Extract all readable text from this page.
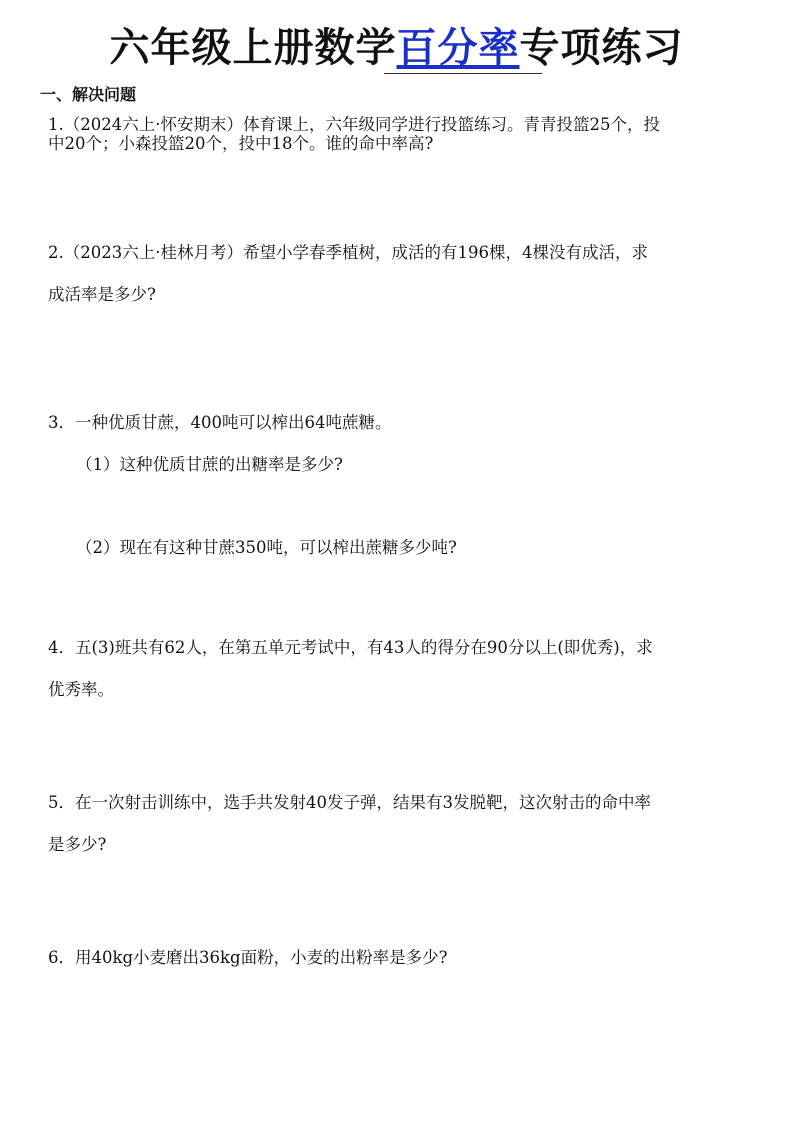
六年级上册数学百分率专项练习
一、解决问题
1.（2024六上·怀安期末）体育课上，六年级同学进行投篮练习。青青投篮25个，投
中20个；小森投篮20个，投中18个。谁的命中率高?
2.（2023六上·桂林月考）希望小学春季植树，成活的有196棵，4棵没有成活，求
成活率是多少?
3．一种优质甘蔗，400吨可以榨出64吨蔗糖。
（1）这种优质甘蔗的出糖率是多少?
（2）现在有这种甘蔗350吨，可以榨出蔗糖多少吨?
4．五(3)班共有62人，在第五单元考试中，有43人的得分在90分以上(即优秀)，求
优秀率。
5．在一次射击训练中，选手共发射40发子弹，结果有3发脱靶，这次射击的命中率
是多少?
6．用40kg小麦磨出36kg面粉，小麦的出粉率是多少?
